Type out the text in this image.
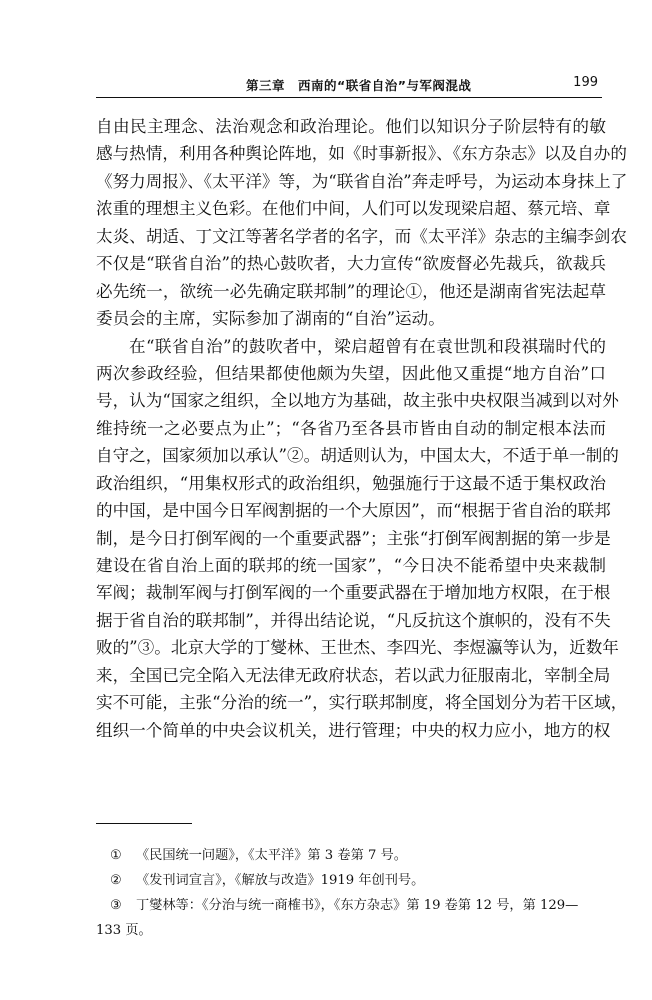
第三章　西南的“联省自治”与军阀混战	199
自由民主理念、法治观念和政治理论。他们以知识分子阶层特有的敏
感与热情，利用各种舆论阵地，如《时事新报》、《东方杂志》以及自办的
《努力周报》、《太平洋》等，为“联省自治”奔走呼号，为运动本身抹上了
浓重的理想主义色彩。在他们中间，人们可以发现梁启超、蔡元培、章
太炎、胡适、丁文江等著名学者的名字，而《太平洋》杂志的主编李剑农
不仅是“联省自治”的热心鼓吹者，大力宣传“欲废督必先裁兵，欲裁兵
必先统一，欲统一必先确定联邦制”的理论①，他还是湖南省宪法起草
委员会的主席，实际参加了湖南的“自治”运动。
在“联省自治”的鼓吹者中，梁启超曾有在袁世凯和段祺瑞时代的
两次参政经验，但结果都使他颇为失望，因此他又重提“地方自治”口
号，认为“国家之组织，全以地方为基础，故主张中央权限当减到以对外
维持统一之必要点为止”；“各省乃至各县市皆由自动的制定根本法而
自守之，国家须加以承认”②。胡适则认为，中国太大，不适于单一制的
政治组织，“用集权形式的政治组织，勉强施行于这最不适于集权政治
的中国，是中国今日军阀割据的一个大原因”，而“根据于省自治的联邦
制，是今日打倒军阀的一个重要武器”；主张“打倒军阀割据的第一步是
建设在省自治上面的联邦的统一国家”，“今日决不能希望中央来裁制
军阀；裁制军阀与打倒军阀的一个重要武器在于增加地方权限，在于根
据于省自治的联邦制”，并得出结论说，“凡反抗这个旗帜的，没有不失
败的”③。北京大学的丁燮林、王世杰、李四光、李煜瀛等认为，近数年
来，全国已完全陷入无法律无政府状态，若以武力征服南北，宰制全局
实不可能，主张“分治的统一”，实行联邦制度，将全国划分为若干区域，
组织一个简单的中央会议机关，进行管理；中央的权力应小，地方的权
① 《民国统一问题》，《太平洋》第 3 卷第 7 号。
② 《发刊词宣言》，《解放与改造》1919 年创刊号。
③ 丁燮林等：《分治与统一商榷书》，《东方杂志》第 19 卷第 12 号，第 129—
133 页。
